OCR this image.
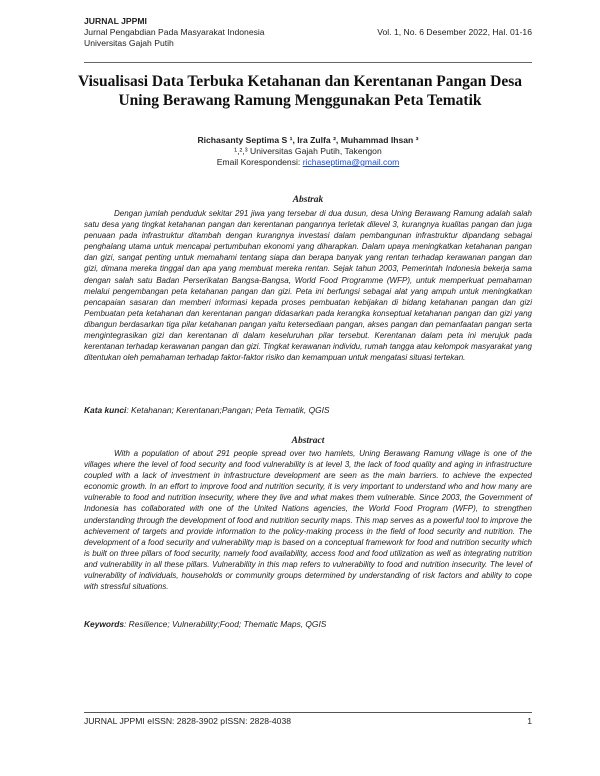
JURNAL JPPMI
Jurnal Pengabdian Pada Masyarakat Indonesia
Universitas Gajah Putih
Vol. 1, No. 6 Desember 2022, Hal. 01-16
Visualisasi Data Terbuka Ketahanan dan Kerentanan Pangan Desa Uning Berawang Ramung Menggunakan Peta Tematik
Richasanty Septima S ¹, Ira Zulfa ², Muhammad Ihsan ³
¹,²,³ Universitas Gajah Putih, Takengon
Email Korespondensi: richaseptima@gmail.com
Abstrak

Dengan jumlah penduduk sekitar 291 jiwa yang tersebar di dua dusun, desa Uning Berawang Ramung adalah salah satu desa yang tingkat ketahanan pangan dan kerentanan pangannya terletak dilevel 3, kurangnya kualitas pangan dan juga penuaan pada infrastruktur ditambah dengan kurangnya investasi dalam pembangunan infrastruktur dipandang sebagai penghalang utama untuk mencapai pertumbuhan ekonomi yang diharapkan. Dalam upaya meningkatkan ketahanan pangan dan gizi, sangat penting untuk memahami tentang siapa dan berapa banyak yang rentan terhadap kerawanan pangan dan gizi, dimana mereka tinggal dan apa yang membuat mereka rentan. Sejak tahun 2003, Pemerintah Indonesia bekerja sama dengan salah satu Badan Perserikatan Bangsa-Bangsa, World Food Programme (WFP), untuk memperkuat pemahaman melalui pengembangan peta ketahanan pangan dan gizi. Peta ini berfungsi sebagai alat yang ampuh untuk meningkatkan pencapaian sasaran dan memberi informasi kepada proses pembuatan kebijakan di bidang ketahanan pangan dan gizi Pembuatan peta ketahanan dan kerentanan pangan didasarkan pada kerangka konseptual ketahanan pangan dan gizi yang dibangun berdasarkan tiga pilar ketahanan pangan yaitu ketersediaan pangan, akses pangan dan pemanfaatan pangan serta mengintegrasikan gizi dan kerentanan di dalam keseluruhan pilar tersebut. Kerentanan dalam peta ini merujuk pada kerentanan terhadap kerawanan pangan dan gizi. Tingkat kerawanan individu, rumah tangga atau kelompok masyarakat yang ditentukan oleh pemahaman terhadap faktor-faktor risiko dan kemampuan untuk mengatasi situasi tertekan.

Kata kunci: Ketahanan; Kerentanan;Pangan; Peta Tematik, QGIS
Abstract

With a population of about 291 people spread over two hamlets, Uning Berawang Ramung village is one of the villages where the level of food security and food vulnerability is at level 3, the lack of food quality and aging in infrastructure coupled with a lack of investment in infrastructure development are seen as the main barriers. to achieve the expected economic growth. In an effort to improve food and nutrition security, it is very important to understand who and how many are vulnerable to food and nutrition insecurity, where they live and what makes them vulnerable. Since 2003, the Government of Indonesia has collaborated with one of the United Nations agencies, the World Food Program (WFP), to strengthen understanding through the development of food and nutrition security maps. This map serves as a powerful tool to improve the achievement of targets and provide information to the policy-making process in the field of food security and nutrition. The development of a food security and vulnerability map is based on a conceptual framework for food and nutrition security which is built on three pillars of food security, namely food availability, access food and food utilization as well as integrating nutrition and vulnerability in all these pillars. Vulnerability in this map refers to vulnerability to food and nutrition insecurity. The level of vulnerability of individuals, households or community groups determined by understanding of risk factors and ability to cope with stressful situations.

Keywords: Resilience; Vulnerability;Food; Thematic Maps, QGIS
JURNAL JPPMI eISSN: 2828-3902 pISSN: 2828-4038	1
